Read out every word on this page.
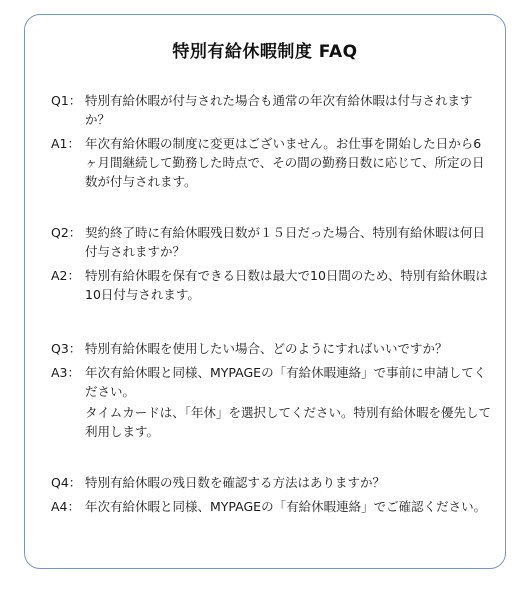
特別有給休暇制度 FAQ
Q1： 特別有給休暇が付与された場合も通常の年次有給休暇は付与されますか？

A1： 年次有給休暇の制度に変更はございません。お仕事を開始した日から6ヶ月間継続して勤務した時点で、その間の勤務日数に応じて、所定の日数が付与されます。

Q2： 契約終了時に有給休暇残日数が１５日だった場合、特別有給休暇は何日付与されますか？

A2： 特別有給休暇を保有できる日数は最大で10日間のため、特別有給休暇は10日付与されます。

Q3： 特別有給休暇を使用したい場合、どのようにすればいいですか？

A3： 年次有給休暇と同様、MYPAGEの「有給休暇連絡」で事前に申請してください。

タイムカードは、「年休」を選択してください。特別有給休暇を優先して利用します。

Q4： 特別有給休暇の残日数を確認する方法はありますか？

A4： 年次有給休暇と同様、MYPAGEの「有給休暇連絡」でご確認ください。
